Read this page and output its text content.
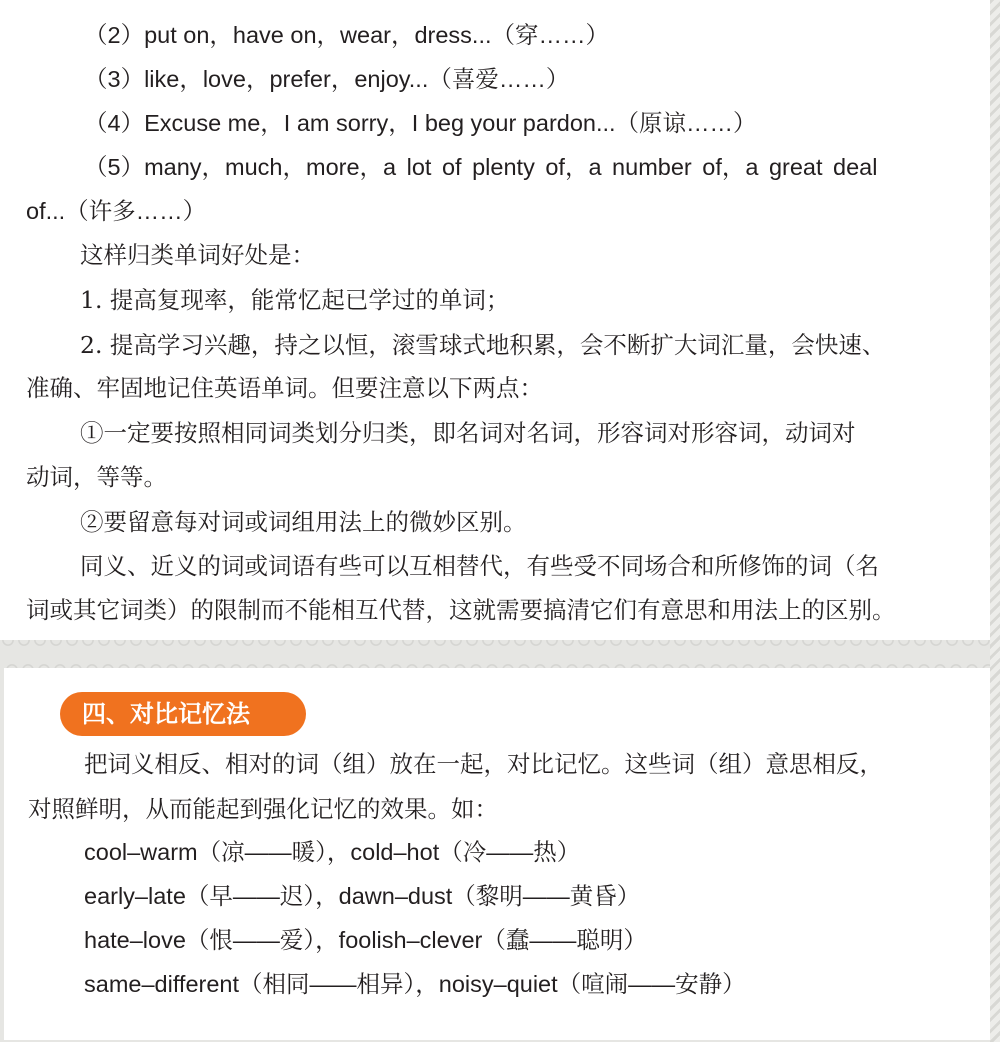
（2）put on，have on，wear，dress...（穿……）
（3）like，love，prefer，enjoy...（喜爱……）
（4）Excuse me，I am sorry，I beg your pardon...（原谅……）
（5）many，much，more，a lot of plenty of，a number of，a great deal
of...（许多……）
这样归类单词好处是：
1. 提高复现率，能常忆起已学过的单词；
2. 提高学习兴趣，持之以恒，滚雪球式地积累，会不断扩大词汇量，会快速、
准确、牢固地记住英语单词。但要注意以下两点：
①一定要按照相同词类划分归类，即名词对名词，形容词对形容词，动词对
动词，等等。
②要留意每对词或词组用法上的微妙区别。
同义、近义的词或词语有些可以互相替代，有些受不同场合和所修饰的词（名
词或其它词类）的限制而不能相互代替，这就需要搞清它们有意思和用法上的区别。
四、对比记忆法
把词义相反、相对的词（组）放在一起，对比记忆。这些词（组）意思相反，
对照鲜明，从而能起到强化记忆的效果。如：
cool–warm（凉——暖），cold–hot（冷——热）
early–late（早——迟），dawn–dust（黎明——黄昏）
hate–love（恨——爱），foolish–clever（蠢——聪明）
same–different（相同——相异），noisy–quiet（喧闹——安静）
